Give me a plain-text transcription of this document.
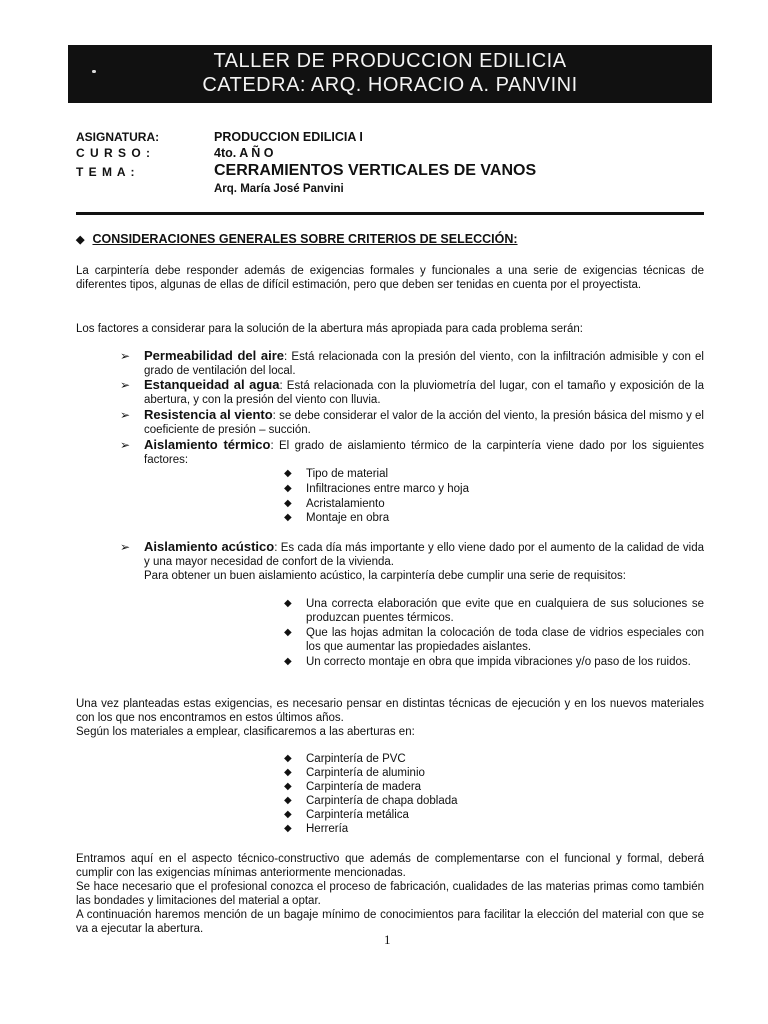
TALLER DE PRODUCCION EDILICIA
CATEDRA: ARQ. HORACIO A. PANVINI
ASIGNATURA:	PRODUCCION EDILICIA I
C U R S O :	4to. A Ñ O
T E M A :	CERRAMIENTOS VERTICALES DE VANOS
Arq. María José Panvini
◆ CONSIDERACIONES GENERALES SOBRE CRITERIOS DE SELECCIÓN:

La carpintería debe responder además de exigencias formales y funcionales a una serie de exigencias técnicas de diferentes tipos, algunas de ellas de difícil estimación, pero que deben ser tenidas en cuenta por el proyectista.

Los factores a considerar para la solución de la abertura más apropiada para cada problema serán:

➢ Permeabilidad del aire: Está relacionada con la presión del viento, con la infiltración admisible y con el grado de ventilación del local.
➢ Estanqueidad al agua: Está relacionada con la pluviometría del lugar, con el tamaño y exposición de la abertura, y con la presión del viento con lluvia.
➢ Resistencia al viento: se debe considerar el valor de la acción del viento, la presión básica del mismo y el coeficiente de presión – succión.
➢ Aislamiento térmico: El grado de aislamiento térmico de la carpintería viene dado por los siguientes factores:
◆ Tipo de material
◆ Infiltraciones entre marco y hoja
◆ Acristalamiento
◆ Montaje en obra
➢ Aislamiento acústico: Es cada día más importante y ello viene dado por el aumento de la calidad de vida y una mayor necesidad de confort de la vivienda.
Para obtener un buen aislamiento acústico, la carpintería debe cumplir una serie de requisitos:
◆ Una correcta elaboración que evite que en cualquiera de sus soluciones se produzcan puentes térmicos.
◆ Que las hojas admitan la colocación de toda clase de vidrios especiales con los que aumentar las propiedades aislantes.
◆ Un correcto montaje en obra que impida vibraciones y/o paso de los ruidos.

Una vez planteadas estas exigencias, es necesario pensar en distintas técnicas de ejecución y en los nuevos materiales con los que nos encontramos en estos últimos años.

Según los materiales a emplear, clasificaremos a las aberturas en:

◆ Carpintería de PVC
◆ Carpintería de aluminio
◆ Carpintería de madera
◆ Carpintería de chapa doblada
◆ Carpintería metálica
◆ Herrería

Entramos aquí en el aspecto técnico-constructivo que además de complementarse con el funcional y formal, deberá cumplir con las exigencias mínimas anteriormente mencionadas.

Se hace necesario que el profesional conozca el proceso de fabricación, cualidades de las materias primas como también las bondades y limitaciones del material a optar.

A continuación haremos mención de un bagaje mínimo de conocimientos para facilitar la elección del material con que se va a ejecutar la abertura.

1
